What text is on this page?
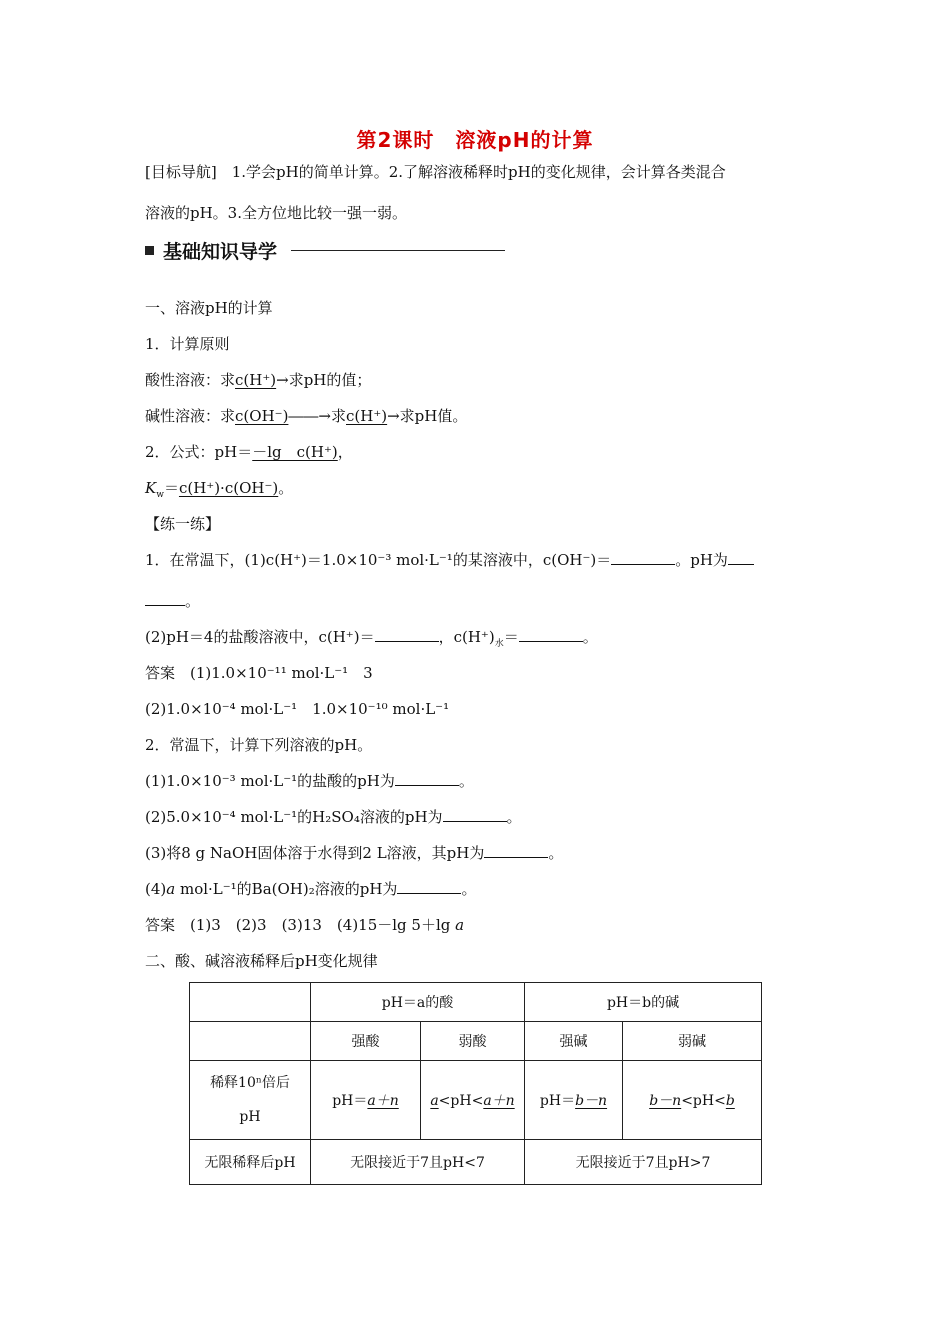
第2课时　溶液pH的计算
[目标导航]　1.学会pH的简单计算。2.了解溶液稀释时pH的变化规律，会计算各类混合
溶液的pH。3.全方位地比较一强一弱。
基础知识导学
一、溶液pH的计算
1．计算原则
酸性溶液：求c(H⁺)→求pH的值；
碱性溶液：求c(OH⁻)――→求c(H⁺)→求pH值。
2．公式：pH＝－lg　c(H⁺)，
$K_w=c(H^+)\cdot c(OH^-)$。
【练一练】
1．在常温下，(1)c(H⁺)＝1.0×10⁻³ mol·L⁻¹的某溶液中，c(OH⁻)＝	。pH为
。
(2)pH＝4的盐酸溶液中，c(H⁺)＝	，$c(H^+)_水=$	。
答案　(1)1.0×10⁻¹¹ mol·L⁻¹　3
(2)1.0×10⁻⁴ mol·L⁻¹　1.0×10⁻¹⁰ mol·L⁻¹
2．常温下，计算下列溶液的pH。
(1)1.0×10⁻³ mol·L⁻¹的盐酸的pH为	。
(2)5.0×10⁻⁴ mol·L⁻¹的H₂SO₄溶液的pH为	。
(3)将8 g NaOH固体溶于水得到2 L溶液，其pH为	。
(4)a mol·L⁻¹的Ba(OH)₂溶液的pH为	。
答案　(1)3　(2)3　(3)13　(4)15－lg 5＋lg a
二、酸、碱溶液稀释后pH变化规律
	pH＝a的酸		pH＝b的碱	
	强酸	弱酸	强碱	弱碱

稀释10ⁿ倍后
pH	pH＝a＋n	a<pH<a＋n	pH＝b－n	b－n<pH<b
无限稀释后pH	无限接近于7且pH<7		无限接近于7且pH>7	
